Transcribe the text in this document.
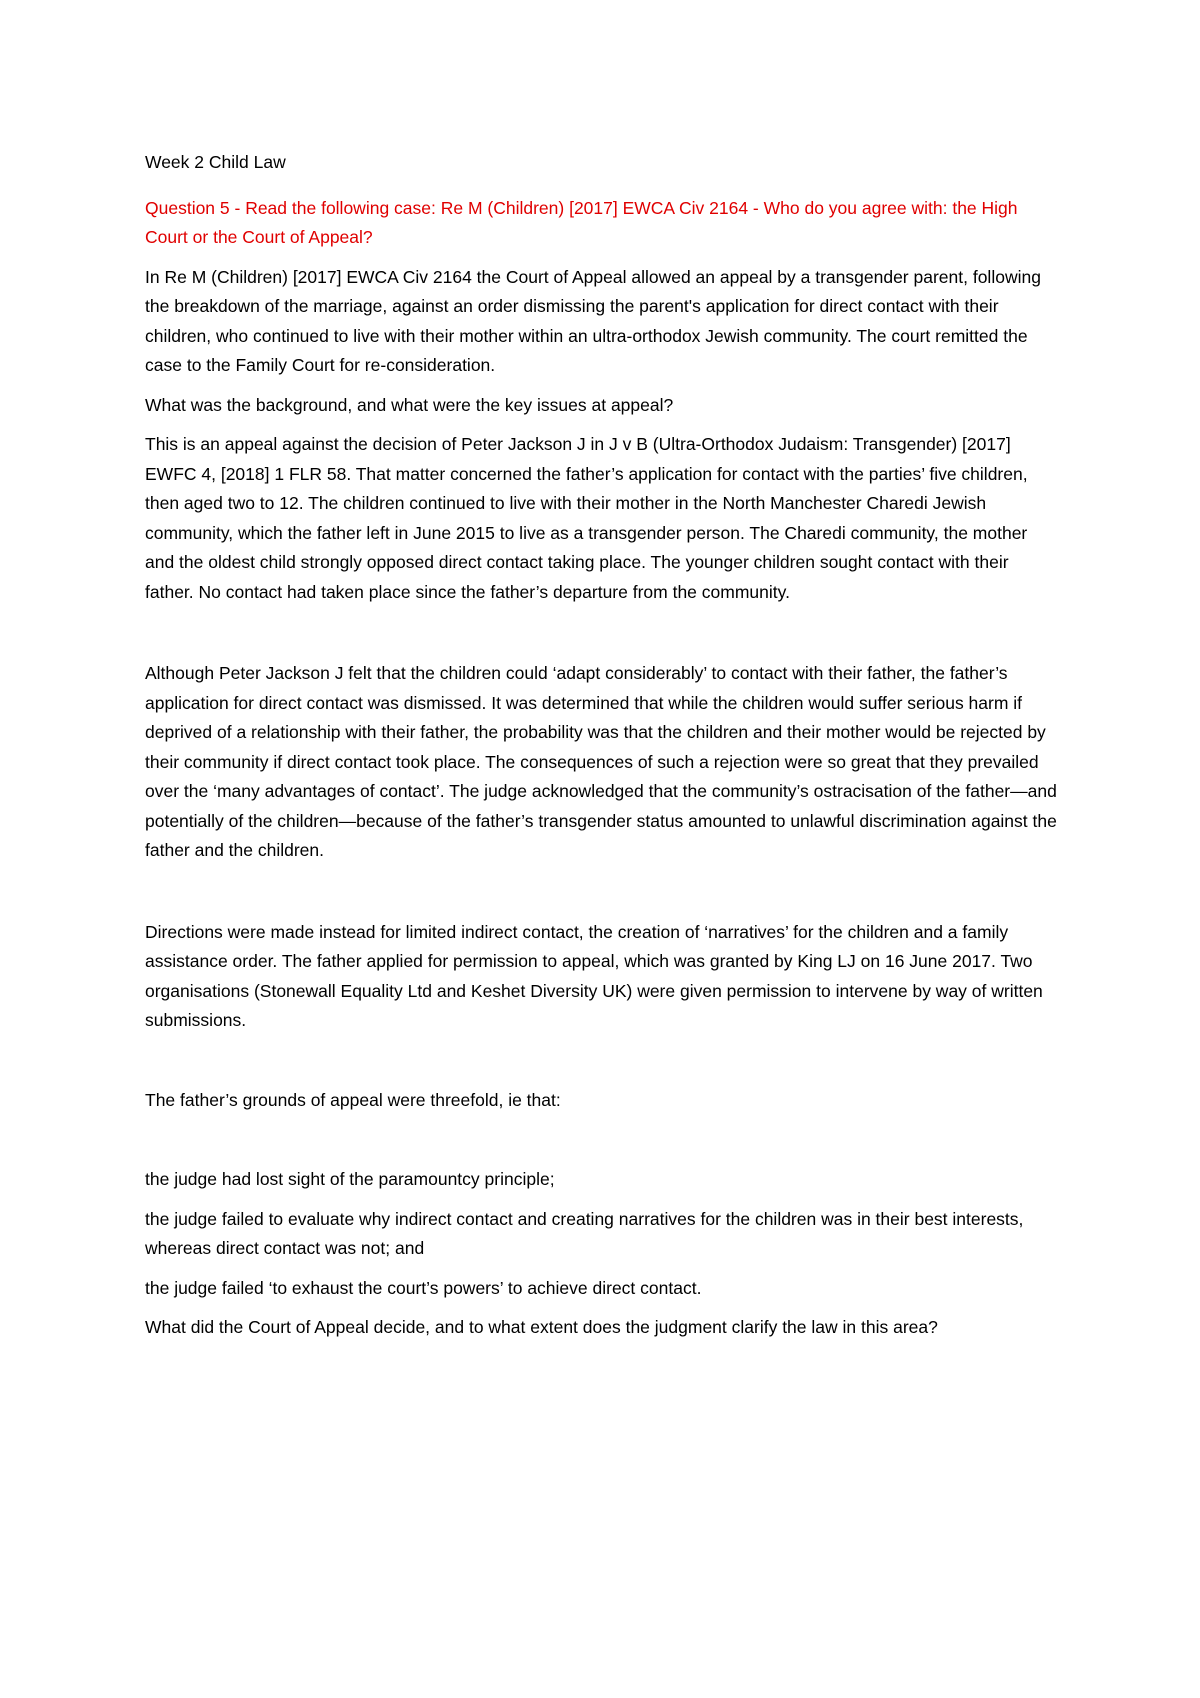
Week 2 Child Law

Question 5 - Read the following case: Re M (Children) [2017] EWCA Civ 2164 - Who do you agree with: the High Court or the Court of Appeal?

In Re M (Children) [2017] EWCA Civ 2164 the Court of Appeal allowed an appeal by a transgender parent, following the breakdown of the marriage, against an order dismissing the parent's application for direct contact with their children, who continued to live with their mother within an ultra-orthodox Jewish community. The court remitted the case to the Family Court for re-consideration.

What was the background, and what were the key issues at appeal?

This is an appeal against the decision of Peter Jackson J in J v B (Ultra-Orthodox Judaism: Transgender) [2017] EWFC 4, [2018] 1 FLR 58. That matter concerned the father’s application for contact with the parties’ five children, then aged two to 12. The children continued to live with their mother in the North Manchester Charedi Jewish community, which the father left in June 2015 to live as a transgender person. The Charedi community, the mother and the oldest child strongly opposed direct contact taking place. The younger children sought contact with their father. No contact had taken place since the father’s departure from the community.

Although Peter Jackson J felt that the children could ‘adapt considerably’ to contact with their father, the father’s application for direct contact was dismissed. It was determined that while the children would suffer serious harm if deprived of a relationship with their father, the probability was that the children and their mother would be rejected by their community if direct contact took place. The consequences of such a rejection were so great that they prevailed over the ‘many advantages of contact’. The judge acknowledged that the community’s ostracisation of the father—and potentially of the children—because of the father’s transgender status amounted to unlawful discrimination against the father and the children.

Directions were made instead for limited indirect contact, the creation of ‘narratives’ for the children and a family assistance order. The father applied for permission to appeal, which was granted by King LJ on 16 June 2017. Two organisations (Stonewall Equality Ltd and Keshet Diversity UK) were given permission to intervene by way of written submissions.

The father’s grounds of appeal were threefold, ie that:

the judge had lost sight of the paramountcy principle;

the judge failed to evaluate why indirect contact and creating narratives for the children was in their best interests, whereas direct contact was not; and

the judge failed ‘to exhaust the court’s powers’ to achieve direct contact.

What did the Court of Appeal decide, and to what extent does the judgment clarify the law in this area?
